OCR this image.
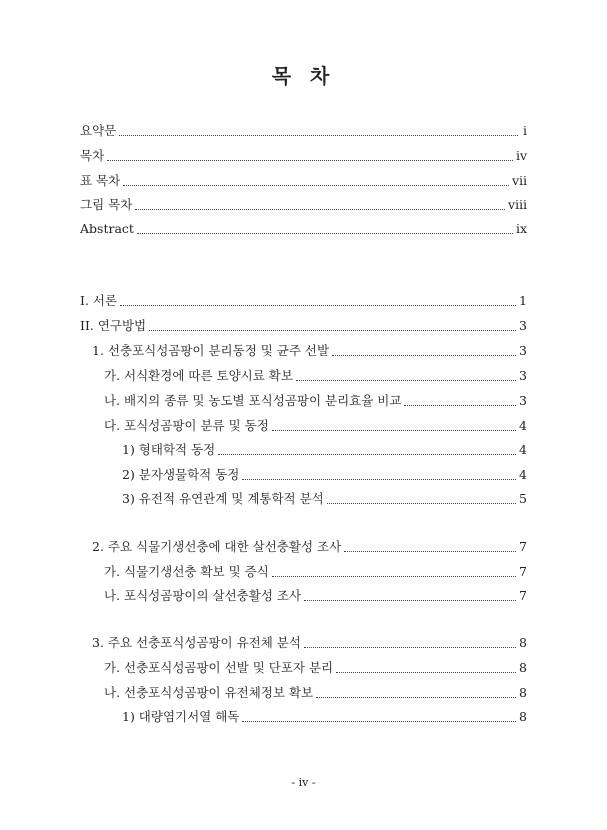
목 차
요약문	i
목차	ⅳ
표 목차	ⅶ
그림 목차	ⅷ
Abstract	ⅸ
I. 서론	1
II. 연구방법	3
1. 선충포식성곰팡이 분리동정 및 균주 선발	3
가. 서식환경에 따른 토양시료 확보	3
나. 배지의 종류 및 농도별 포식성곰팡이 분리효율 비교	3
다. 포식성곰팡이 분류 및 동정	4
1) 형태학적 동정	4
2) 분자생물학적 동정	4
3) 유전적 유연관계 및 계통학적 분석	5
2. 주요 식물기생선충에 대한 살선충활성 조사	7
가. 식물기생선충 확보 및 증식	7
나. 포식성곰팡이의 살선충활성 조사	7
3. 주요 선충포식성곰팡이 유전체 분석	8
가. 선충포식성곰팡이 선발 및 단포자 분리	8
나. 선충포식성곰팡이 유전체정보 확보	8
1) 대량염기서열 해독	8
- ⅳ -
